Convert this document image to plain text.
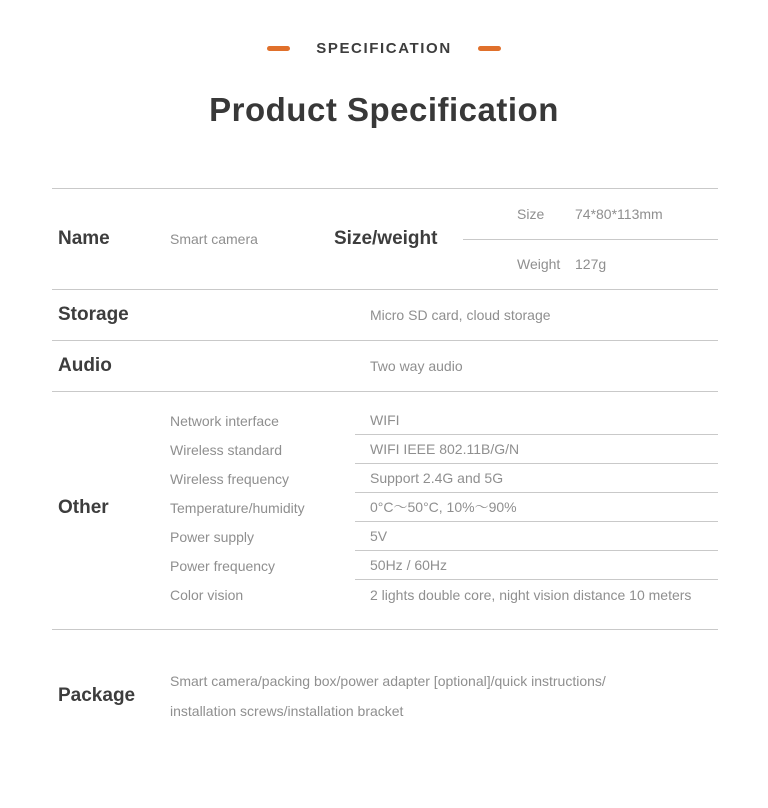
SPECIFICATION
Product Specification
Name	Smart camera	Size/weight
Size	74*80*113mm
Weight	127g
Storage	Micro SD card, cloud storage
Audio	Two way audio
Other
Network interface	WIFI
Wireless standard	WIFI IEEE 802.11B/G/N
Wireless frequency	Support 2.4G and 5G
Temperature/humidity	0°C～50°C, 10%～90%
Power supply	5V
Power frequency	50Hz / 60Hz
Color vision	2 lights double core, night vision distance 10 meters
Package
Smart camera/packing box/power adapter [optional]/quick instructions/
installation screws/installation bracket
